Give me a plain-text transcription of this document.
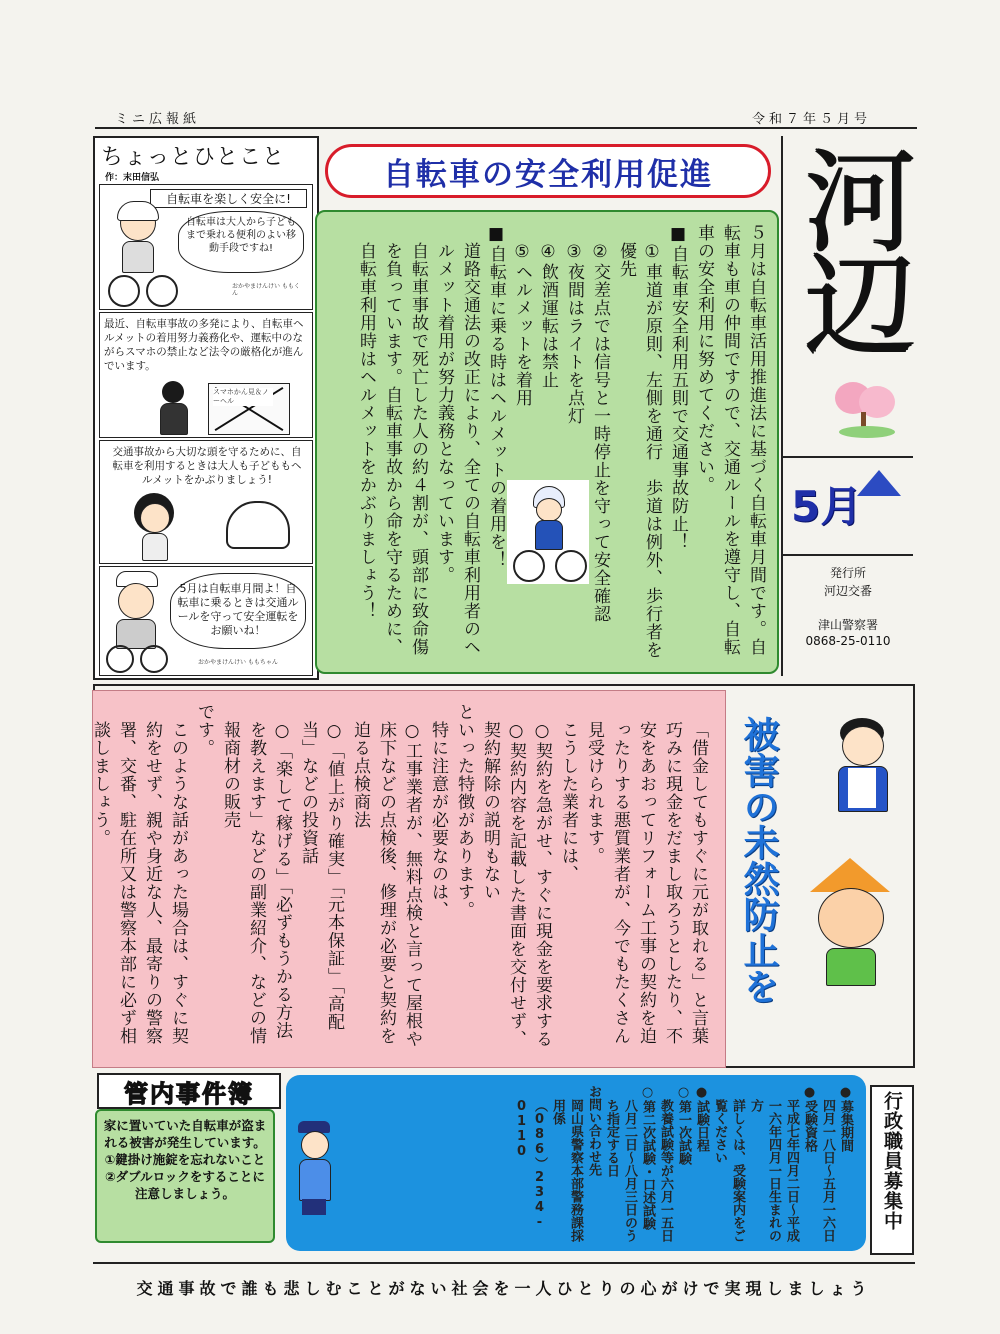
ミニ広報紙	令和７年５月号
ちょっとひとこと
作：末田信弘
自転車を楽しく安全に!
自転車は大人から子どもまで乗れる便利のよい移動手段ですね!
おかやまけんけい ももくん
最近、自転車事故の多発により、自転車ヘルメットの着用努力義務化や、運転中のながらスマホの禁止など法令の厳格化が進んでいます。
スマホかん見＆ノーヘル
交通事故から大切な頭を守るために、自転車を利用するときは大人も子どももヘルメットをかぶりましょう!
5月は自転車月間よ！自転車に乗るときは交通ルールを守って安全運転をお願いね！
おかやまけんけい ももちゃん
自転車の安全利用促進

５月は自転車活用推進法に基づく自転車月間です。自転車も車の仲間ですので、交通ルールを遵守し、自転車の安全利用に努めてください。

■自転車安全利用五則で交通事故防止！

①車道が原則、左側を通行　歩道は例外、歩行者を優先

②交差点では信号と一時停止を守って安全確認

③夜間はライトを点灯

④飲酒運転は禁止

⑤ヘルメットを着用

■自転車に乗る時はヘルメットの着用を！

道路交通法の改正により、全ての自転車利用者のヘルメット着用が努力義務となっています。

自転車事故で死亡した人の約４割が、頭部に致命傷を負っています。自転車事故から命を守るために、自転車利用時はヘルメットをかぶりましょう！	河辺
5月
発行所
河辺交番
津山警察署
0868-25-0110

「借金してもすぐに元が取れる」と言葉巧みに現金をだまし取ろうとしたり、不安をあおってリフォーム工事の契約を迫ったりする悪質業者が、今でもたくさん見受けられます。

こうした業者には、

○契約を急がせ、すぐに現金を要求する

○契約内容を記載した書面を交付せず、契約解除の説明もない

といった特徴があります。

特に注意が必要なのは、

○工事業者が、無料点検と言って屋根や床下などの点検後、修理が必要と契約を迫る点検商法

○「値上がり確実」「元本保証」「高配当」などの投資話

○「楽して稼げる」「必ずもうかる方法を教えます」などの副業紹介、などの情報商材の販売

です。

このような話があった場合は、すぐに契約をせず、親や身近な人、最寄りの警察署、交番、駐在所又は警察本部に必ず相談しましょう。	被害の未然防止を
管内事件簿
家に置いていた自転車が盗まれる被害が発生しています。①鍵掛け施錠を忘れないこと②ダブルロックをすることに注意しましょう。

●募集期間

四月一八日～五月一六日

●受験資格

平成七年四月二日～平成一六年四月一日生まれの方

詳しくは、受験案内をご覧ください

●試験日程

○第一次試験

教養試験等が六月一五日

○第二次試験・口述試験

八月二日～八月三日のうち指定する日

お問い合わせ先

岡山県警察本部警務課採用係

（086）234-0110	行政職員募集中
交通事故で誰も悲しむことがない社会を一人ひとりの心がけで実現しましょう
